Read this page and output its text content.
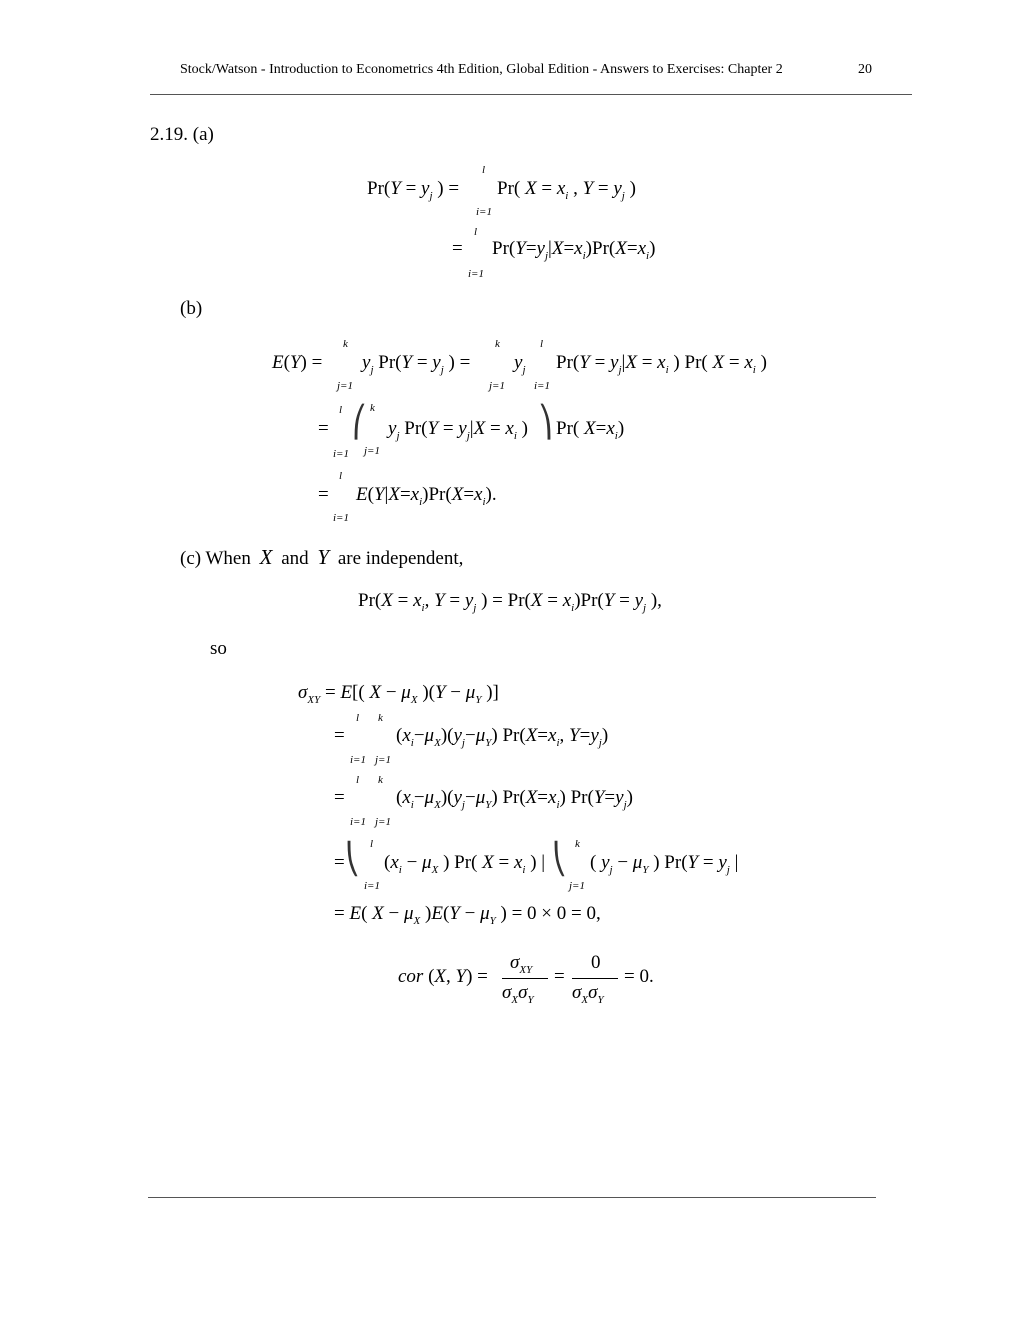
Stock/Watson - Introduction to Econometrics 4th Edition, Global Edition - Answers to Exercises: Chapter 2	20
2.19. (a)
l
$Pr(Y = y_j$ ) = Pr( $X = x_i$ , $Y = y_j$ )
i=1
l
= $Pr(Y=y_j|X=x_i)Pr(X=x_i)$
i=1
(b)
k	k	l
$E(Y) = y_j$ $Pr(Y = y_j$ ) = $y_j$ $Pr(Y = y_j|X = x_i$ ) Pr( $X = x_i$ )
j=1	j=1	i=1
l	k
= ⎛ $y_j$ $Pr(Y = y_j|X = x_i$ ) ⎞ Pr( $X=x_i$)
i=1 j=1
l
= $E(Y|X=x_i)Pr(X=x_i)$.
i=1
(c) When X and Y are independent,
$Pr(X = x_i$, $Y = y_j$ ) = $Pr(X = x_i)Pr(Y = y_j$ ),
so
$\sigma_{XY} = E$[( $X - \mu_X$ )($Y - \mu_Y$ )]
l k
=	$(x_i-\mu_X)(y_j-\mu_Y)$ $Pr(X=x_i$, $Y=y_j$)
i=1 j=1
l k
=	$(x_i-\mu_X)(y_j-\mu_Y)$ $Pr(X=x_i)$ $Pr(Y=y_j)$
i=1 j=1
l	k
= ⎝ ($x_i - \mu_X$ ) Pr( $X = x_i$ ) | ⎝ ( $y_j - \mu_Y$ ) $Pr(Y = y_j$ |
i=1	j=1
= E( $X - \mu_X$ )$E(Y - \mu_Y$ ) = 0 × 0 = 0,
cor (X, Y) =
$\sigma_{XY}$
$\sigma_X\sigma_Y$
=
0
$\sigma_X\sigma_Y$
= 0.
